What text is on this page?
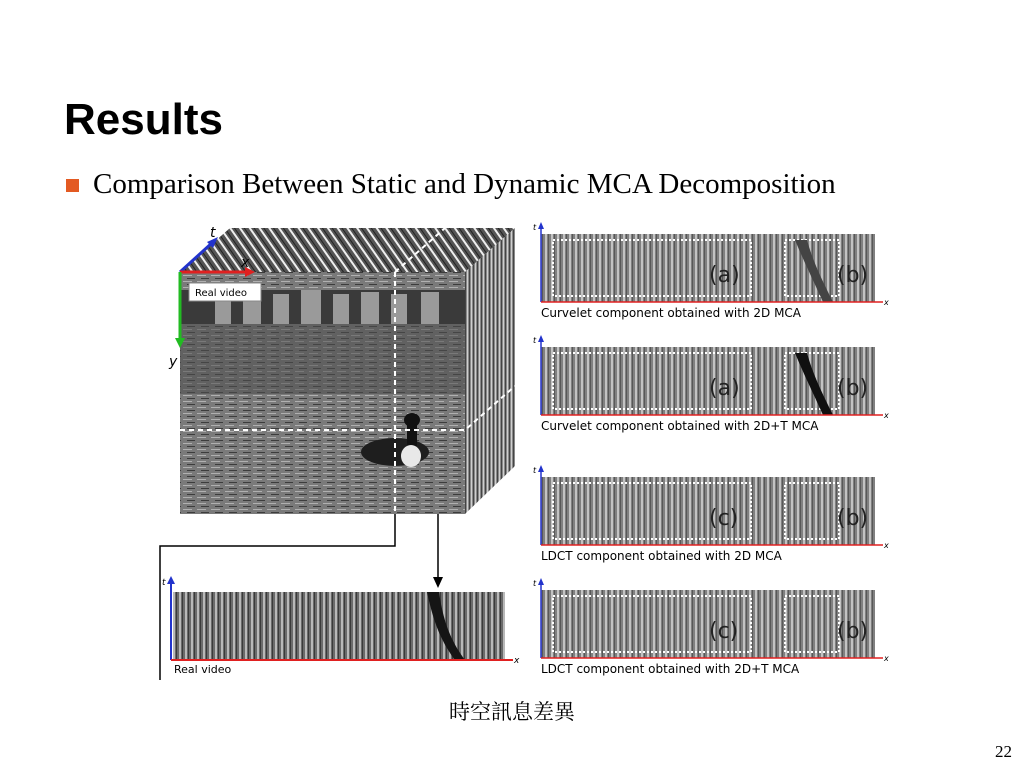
Results
Comparison Between Static and Dynamic MCA Decomposition
t
x
y
Real video
t
x
Real video
t
x
(a)	(b)
Curvelet component obtained with 2D MCA
t
x
(a)	(b)
Curvelet component obtained with 2D+T MCA
t
x
(c)	(b)
LDCT component obtained with 2D MCA
t
x
(c)	(b)
LDCT component obtained with 2D+T MCA
時空訊息差異
22
